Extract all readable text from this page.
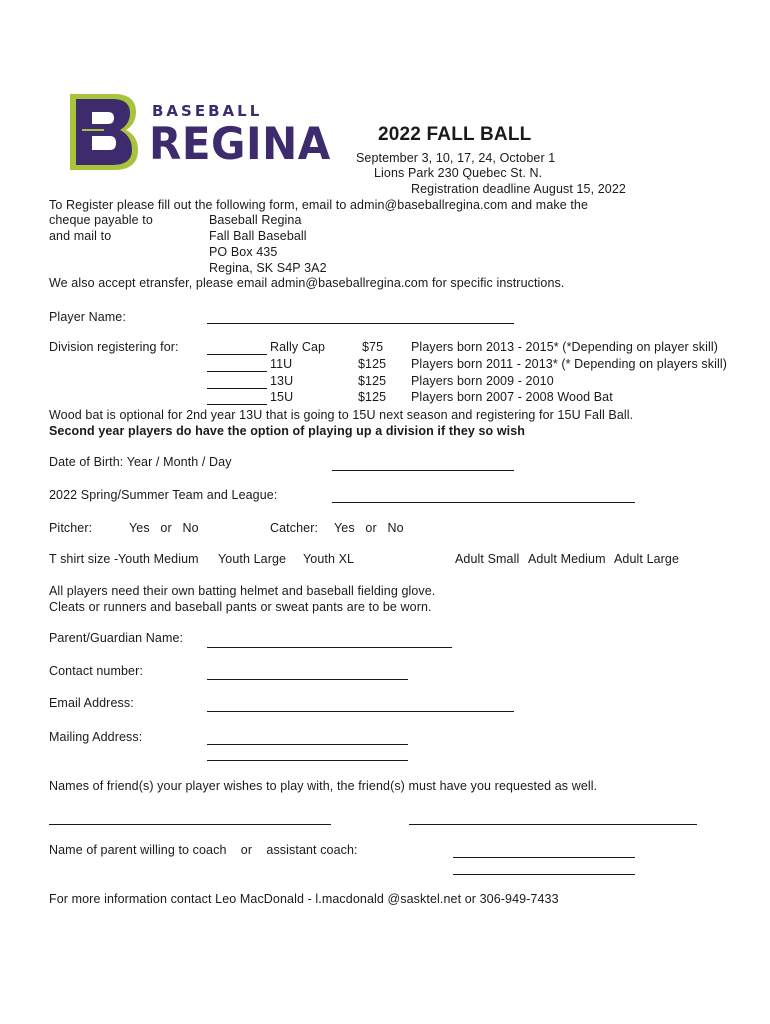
BASEBALL
REGINA 2022 FALL BALL
September 3, 10, 17, 24, October 1
Lions Park 230 Quebec St. N.
Registration deadline August 15, 2022
To Register please fill out the following form, email to admin@baseballregina.com and make the
cheque payable to	Baseball Regina
and mail to	Fall Ball Baseball
PO Box 435
Regina, SK S4P 3A2
We also accept etransfer, please email admin@baseballregina.com for specific instructions.
Player Name:
Division registering for:	Rally Cap	$75 Players born 2013 - 2015* (*Depending on player skill)
11U	$125 Players born 2011 - 2013* (* Depending on players skill)
13U	$125 Players born 2009 - 2010
15U	$125 Players born 2007 - 2008 Wood Bat
Wood bat is optional for 2nd year 13U that is going to 15U next season and registering for 15U Fall Ball.
Second year players do have the option of playing up a division if they so wish
Date of Birth: Year / Month / Day
2022 Spring/Summer Team and League:
Pitcher:	Yes   or   No	Catcher: Yes   or   No
T shirt size - Youth Medium Youth Large Youth XL	Adult Small Adult Medium Adult Large
All players need their own batting helmet and baseball fielding glove.
Cleats or runners and baseball pants or sweat pants are to be worn.
Parent/Guardian Name:
Contact number:
Email Address:
Mailing Address:
Names of friend(s) your player wishes to play with, the friend(s) must have you requested as well.
Name of parent willing to coach    or    assistant coach:
For more information contact Leo MacDonald - l.macdonald @sasktel.net or 306-949-7433
